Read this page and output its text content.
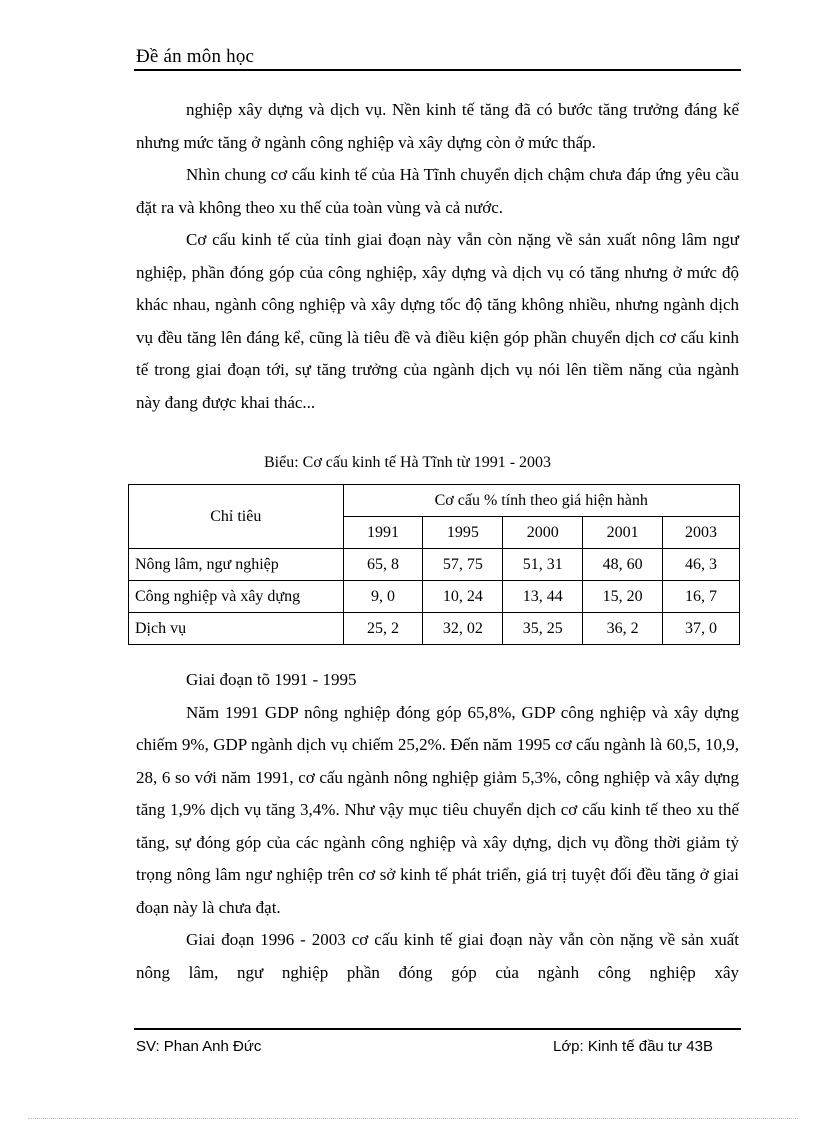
Đề án môn học

nghiệp xây dựng và dịch vụ. Nền kinh tế tăng đã có bước tăng trưởng đáng kể nhưng mức tăng ở ngành công nghiệp và xây dựng còn ở mức thấp.

Nhìn chung cơ cấu kinh tế của Hà Tĩnh chuyển dịch chậm chưa đáp ứng yêu cầu đặt ra và không theo xu thế của toàn vùng và cả nước.

Cơ cấu kinh tế của tỉnh giai đoạn này vẫn còn nặng về sản xuất nông lâm ngư nghiệp, phần đóng góp của công nghiệp, xây dựng và dịch vụ có tăng nhưng ở mức độ khác nhau, ngành công nghiệp và xây dựng tốc độ tăng không nhiều, nhưng ngành dịch vụ đều tăng lên đáng kể, cũng là tiêu đề và điều kiện góp phần chuyển dịch cơ cấu kinh tế trong giai đoạn tới, sự tăng trưởng của ngành dịch vụ nói lên tiềm năng của ngành này đang được khai thác...

Biểu: Cơ cấu kinh tế Hà Tĩnh từ 1991 - 2003
Chỉ tiêu	Cơ cấu % tính theo giá hiện hành				
	1991	1995	2000	2001	2003
Nông lâm, ngư nghiệp	65, 8	57, 75	51, 31	48, 60	46, 3
Công nghiệp và xây dựng	9, 0	10, 24	13, 44	15, 20	16, 7
Dịch vụ	25, 2	32, 02	35, 25	36, 2	37, 0

Giai đoạn tõ 1991 - 1995

Năm 1991 GDP nông nghiệp đóng góp 65,8%, GDP công nghiệp và xây dựng chiếm 9%, GDP ngành dịch vụ chiếm 25,2%. Đến năm 1995 cơ cấu ngành là 60,5, 10,9, 28, 6 so với năm 1991, cơ cấu ngành nông nghiệp giảm 5,3%, công nghiệp và xây dựng tăng 1,9% dịch vụ tăng 3,4%. Như vậy mục tiêu chuyển dịch cơ cấu kinh tế theo xu thế tăng, sự đóng góp của các ngành công nghiệp và xây dựng, dịch vụ đồng thời giảm tỷ trọng nông lâm ngư nghiệp trên cơ sở kinh tế phát triển, giá trị tuyệt đối đều tăng ở giai đoạn này là chưa đạt.

Giai đoạn 1996 - 2003 cơ cấu kinh tế giai đoạn này vẫn còn nặng về sản xuất nông lâm, ngư nghiệp phần đóng góp của ngành công nghiệp xây

SV: Phan Anh Đức	Lớp: Kinh tế đầu tư 43B
